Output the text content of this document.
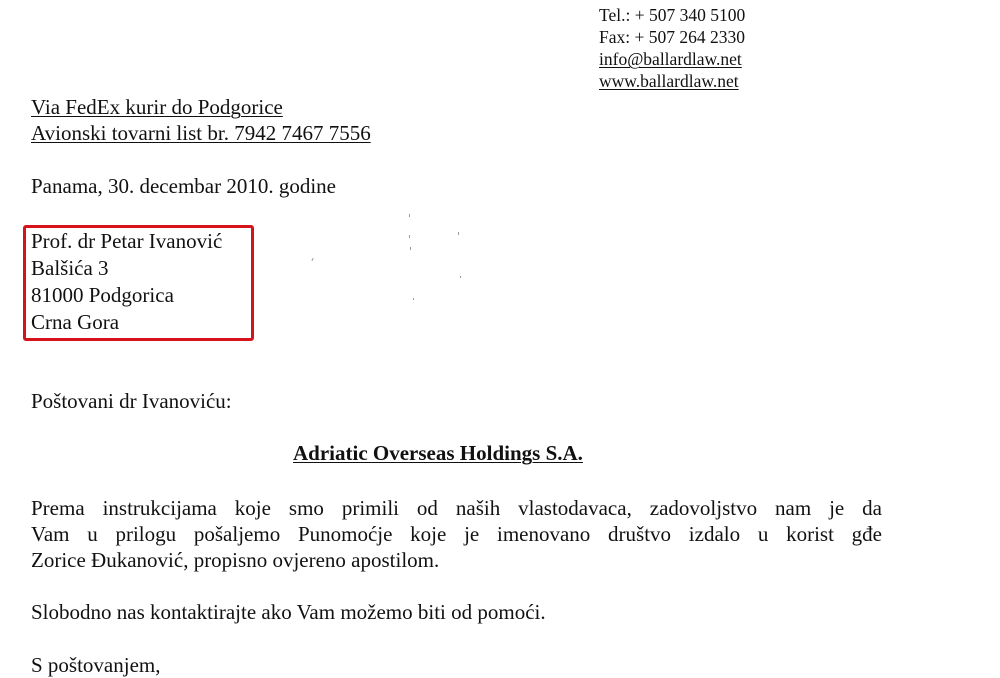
Tel.: + 507 340 5100
Fax: + 507 264 2330
info@ballardlaw.net
www.ballardlaw.net
Via FedEx kurir do Podgorice
Avionski tovarni list br. 7942 7467 7556
Panama, 30. decembar 2010. godine
Prof. dr Petar Ivanović
Balšića 3
81000 Podgorica
Crna Gora
Poštovani dr Ivanoviću:
Adriatic Overseas Holdings S.A.
Prema instrukcijama koje smo primili od naših vlastodavaca, zadovoljstvo nam je da
Vam u prilogu pošaljemo Punomoćje koje je imenovano društvo izdalo u korist gđe
Zorice Đukanović, propisno ovjereno apostilom.
Slobodno nas kontaktirajte ako Vam možemo biti od pomoći.
S poštovanjem,
